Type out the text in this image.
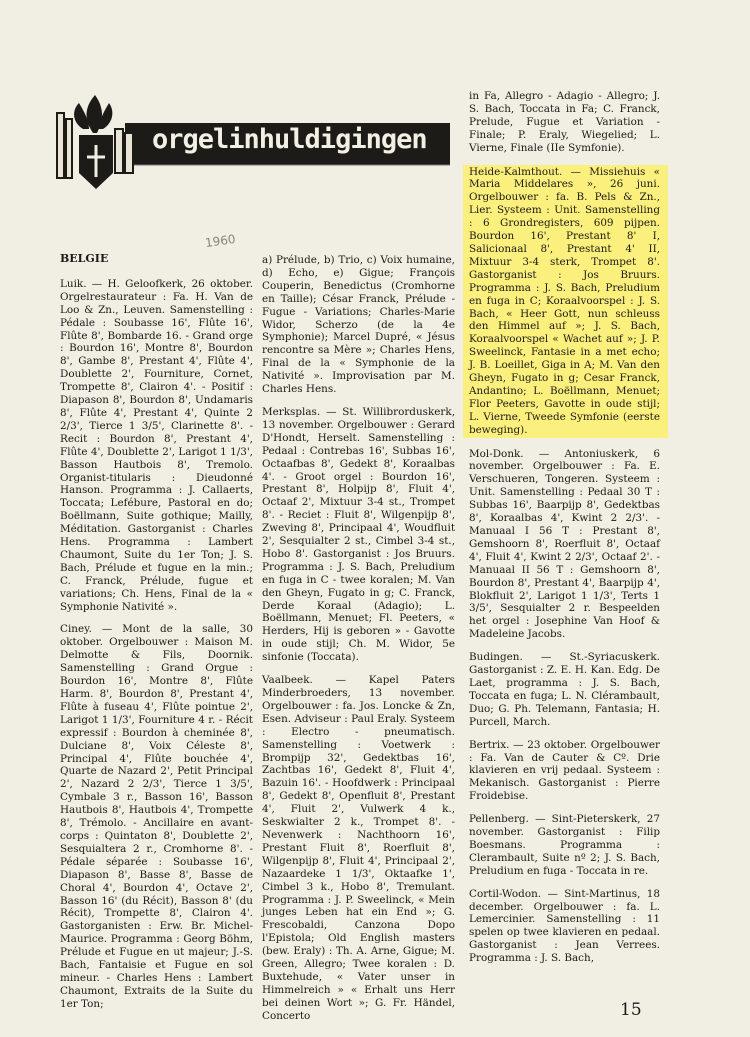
orgelinhuldigingen
1960

BELGIE

Luik. — H. Geloofkerk, 26 oktober. Orgelrestaurateur : Fa. H. Van de Loo & Zn., Leuven. Samenstelling : Pédale : Soubasse 16', Flûte 16', Flûte 8', Bombarde 16. - Grand orge : Bourdon 16', Montre 8', Bourdon 8', Gambe 8', Prestant 4', Flûte 4', Doublette 2', Fourniture, Cornet, Trompette 8', Clairon 4'. - Positif : Diapason 8', Bourdon 8', Undamaris 8', Flûte 4', Prestant 4', Quinte 2 2/3', Tierce 1 3/5', Clarinette 8'. - Recit : Bourdon 8', Prestant 4', Flûte 4', Doublette 2', Larigot 1 1/3', Basson Hautbois 8', Tremolo. Organist-titularis : Dieudonné Hanson. Programma : J. Callaerts, Toccata; Lefébure, Pastoral en do; Boëllmann, Suite gothique; Mailly, Méditation. Gastorganist : Charles Hens. Programma : Lambert Chaumont, Suite du 1er Ton; J. S. Bach, Prélude et fugue en la min.; C. Franck, Prélude, fugue et variations; Ch. Hens, Final de la « Symphonie Nativité ».

Ciney. — Mont de la salle, 30 oktober. Orgelbouwer : Maison M. Delmotte & Fils, Doornik. Samenstelling : Grand Orgue : Bourdon 16', Montre 8', Flûte Harm. 8', Bourdon 8', Prestant 4', Flûte à fuseau 4', Flûte pointue 2', Larigot 1 1/3', Fourniture 4 r. - Récit expressif : Bourdon à cheminée 8', Dulciane 8', Voix Céleste 8', Principal 4', Flûte bouchée 4', Quarte de Nazard 2', Petit Principal 2', Nazard 2 2/3', Tierce 1 3/5', Cymbale 3 r., Basson 16', Basson Hautbois 8', Hautbois 4', Trompette 8', Trémolo. - Ancillaire en avant-corps : Quintaton 8', Doublette 2', Sesquialtera 2 r., Cromhorne 8'. - Pédale séparée : Soubasse 16', Diapason 8', Basse 8', Basse de Choral 4', Bourdon 4', Octave 2', Basson 16' (du Récit), Basson 8' (du Récit), Trompette 8', Clairon 4'. Gastorganisten : Erw. Br. Michel-Maurice. Programma : Georg Böhm, Prélude et Fugue en ut majeur; J.-S. Bach, Fantaisie et Fugue en sol mineur. - Charles Hens : Lambert Chaumont, Extraits de la Suite du 1er Ton;

a) Prélude, b) Trio, c) Voix humaine, d) Echo, e) Gigue; François Couperin, Benedictus (Cromhorne en Taille); César Franck, Prélude - Fugue - Variations; Charles-Marie Widor, Scherzo (de la 4e Symphonie); Marcel Dupré, « Jésus rencontre sa Mère »; Charles Hens, Final de la « Symphonie de la Nativité ». Improvisation par M. Charles Hens.

Merksplas. — St. Willibrorduskerk, 13 november. Orgelbouwer : Gerard D'Hondt, Herselt. Samenstelling : Pedaal : Contrebas 16', Subbas 16', Octaafbas 8', Gedekt 8', Koraalbas 4'. - Groot orgel : Bourdon 16', Prestant 8', Holpijp 8', Fluit 4', Octaaf 2', Mixtuur 3-4 st., Trompet 8'. - Reciet : Fluit 8', Wilgenpijp 8', Zweving 8', Principaal 4', Woudfluit 2', Sesquialter 2 st., Cimbel 3-4 st., Hobo 8'. Gastorganist : Jos Bruurs. Programma : J. S. Bach, Preludium en fuga in C - twee koralen; M. Van den Gheyn, Fugato in g; C. Franck, Derde Koraal (Adagio); L. Boëllmann, Menuet; Fl. Peeters, « Herders, Hij is geboren » - Gavotte in oude stijl; Ch. M. Widor, 5e sinfonie (Toccata).

Vaalbeek. — Kapel Paters Minderbroeders, 13 november. Orgelbouwer : fa. Jos. Loncke & Zn, Esen. Adviseur : Paul Eraly. Systeem : Electro - pneumatisch. Samenstelling : Voetwerk : Brompijp 32', Gedektbas 16', Zachtbas 16', Gedekt 8', Fluit 4', Bazuin 16'. - Hoofdwerk : Principaal 8', Gedekt 8', Openfluit 8', Prestant 4', Fluit 2', Vulwerk 4 k., Seskwialter 2 k., Trompet 8'. - Nevenwerk : Nachthoorn 16', Prestant Fluit 8', Roerfluit 8', Wilgenpijp 8', Fluit 4', Principaal 2', Nazaardeke 1 1/3', Oktaafke 1', Cimbel 3 k., Hobo 8', Tremulant. Programma : J. P. Sweelinck, « Mein junges Leben hat ein End »; G. Frescobaldi, Canzona Dopo l'Epistola; Old English masters (bew. Eraly) : Th. A. Arne, Gigue; M. Green, Allegro; Twee koralen : D. Buxtehude, « Vater unser in Himmelreich » « Erhalt uns Herr bei deinen Wort »; G. Fr. Händel, Concerto

in Fa, Allegro - Adagio - Allegro; J. S. Bach, Toccata in Fa; C. Franck, Prelude, Fugue et Variation - Finale; P. Eraly, Wiegelied; L. Vierne, Finale (IIe Symfonie).

Heide-Kalmthout. — Missiehuis « Maria Middelares », 26 juni. Orgelbouwer : fa. B. Pels & Zn., Lier. Systeem : Unit. Samenstelling : 6 Grondregisters, 609 pijpen. Bourdon 16', Prestant 8' I, Salicionaal 8', Prestant 4' II, Mixtuur 3-4 sterk, Trompet 8'. Gastorganist : Jos Bruurs. Programma : J. S. Bach, Preludium en fuga in C; Koraalvoorspel : J. S. Bach, « Heer Gott, nun schleuss den Himmel auf »; J. S. Bach, Koraalvoorspel « Wachet auf »; J. P. Sweelinck, Fantasie in a met echo; J. B. Loeillet, Giga in A; M. Van den Gheyn, Fugato in g; Cesar Franck, Andantino; L. Boëllmann, Menuet; Flor Peeters, Gavotte in oude stijl; L. Vierne, Tweede Symfonie (eerste beweging).

Mol-Donk. — Antoniuskerk, 6 november. Orgelbouwer : Fa. E. Verschueren, Tongeren. Systeem : Unit. Samenstelling : Pedaal 30 T : Subbas 16', Baarpijp 8', Gedektbas 8', Koraalbas 4', Kwint 2 2/3'. - Manuaal I 56 T : Prestant 8', Gemshoorn 8', Roerfluit 8', Octaaf 4', Fluit 4', Kwint 2 2/3', Octaaf 2'. - Manuaal II 56 T : Gemshoorn 8', Bourdon 8', Prestant 4', Baarpijp 4', Blokfluit 2', Larigot 1 1/3', Terts 1 3/5', Sesquialter 2 r. Bespeelden het orgel : Josephine Van Hoof & Madeleine Jacobs.

Budingen. — St.-Syriacuskerk. Gastorganist : Z. E. H. Kan. Edg. De Laet, programma : J. S. Bach, Toccata en fuga; L. N. Clérambault, Duo; G. Ph. Telemann, Fantasia; H. Purcell, March.

Bertrix. — 23 oktober. Orgelbouwer : Fa. Van de Cauter & Cº. Drie klavieren en vrij pedaal. Systeem : Mekanisch. Gastorganist : Pierre Froidebise.

Pellenberg. — Sint-Pieterskerk, 27 november. Gastorganist : Filip Boesmans. Programma : Clerambault, Suite nº 2; J. S. Bach, Preludium en fuga - Toccata in re.

Cortil-Wodon. — Sint-Martinus, 18 december. Orgelbouwer : fa. L. Lemercinier. Samenstelling : 11 spelen op twee klavieren en pedaal. Gastorganist : Jean Verrees. Programma : J. S. Bach,

15
